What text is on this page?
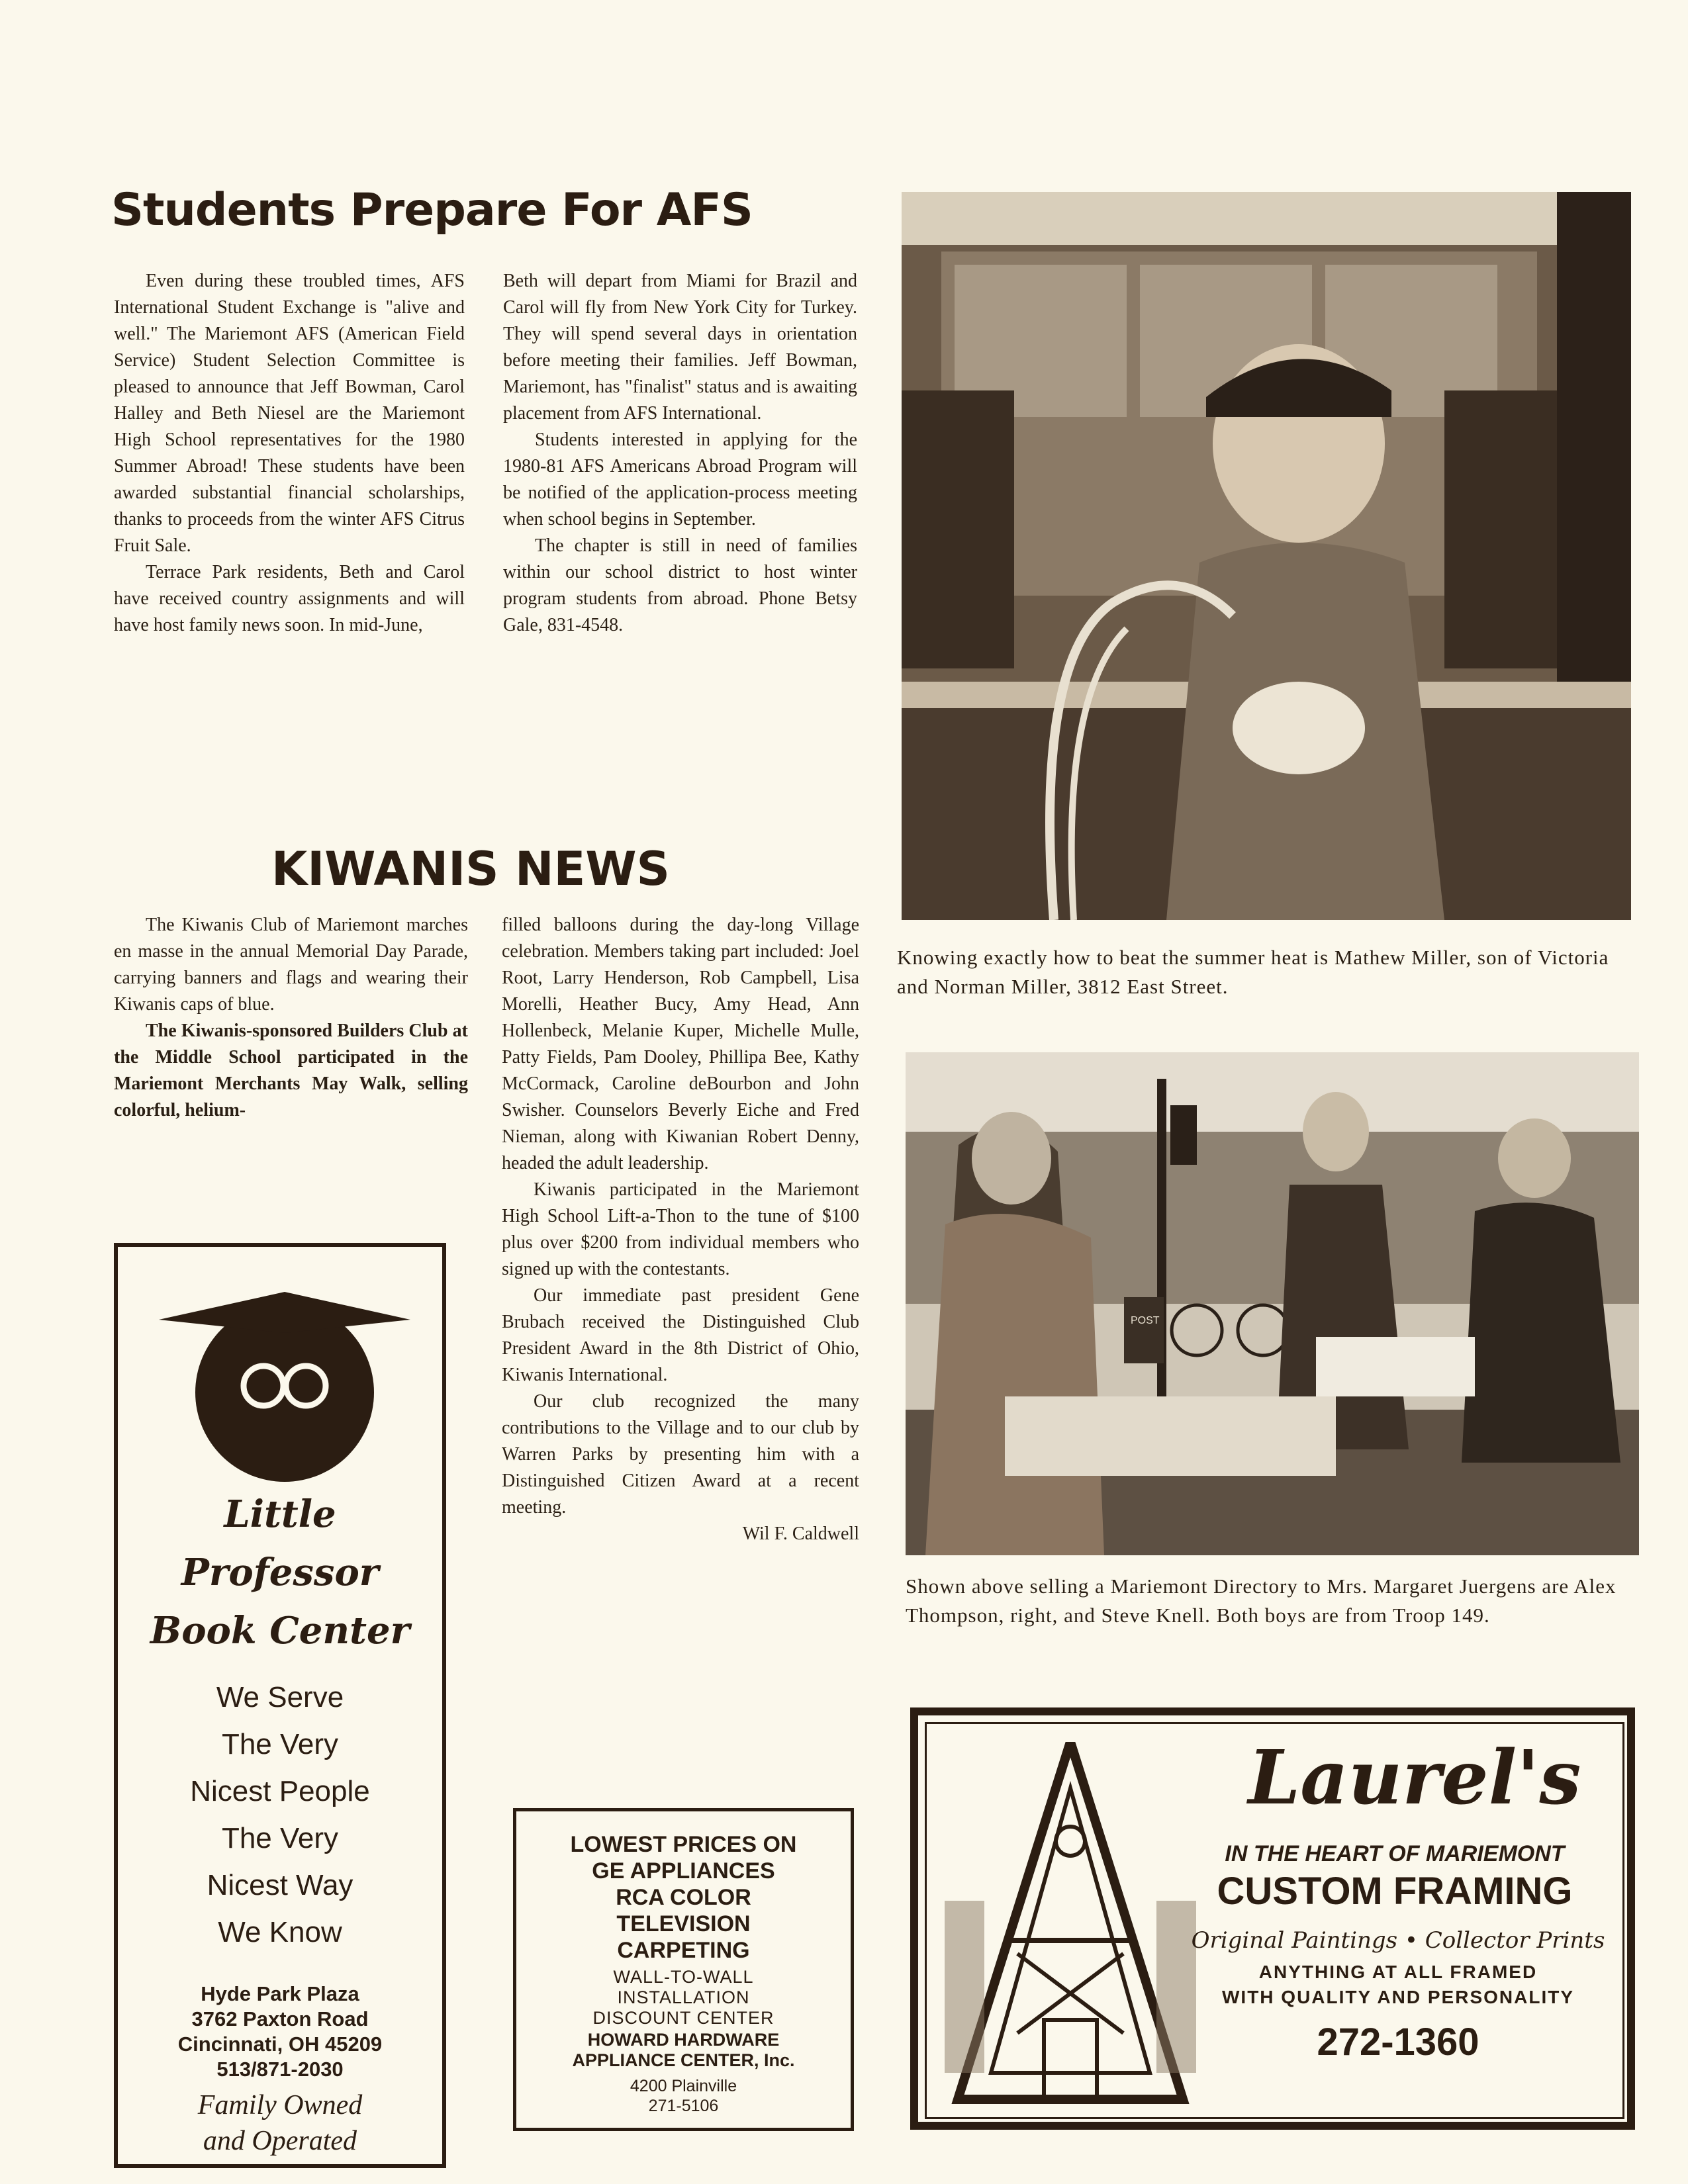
Students Prepare For AFS

Even during these troubled times, AFS International Student Exchange is "alive and well." The Mariemont AFS (American Field Service) Student Selection Committee is pleased to announce that Jeff Bowman, Carol Halley and Beth Niesel are the Mariemont High School representatives for the 1980 Summer Abroad! These students have been awarded substantial financial scholarships, thanks to proceeds from the winter AFS Citrus Fruit Sale.

Terrace Park residents, Beth and Carol have received country assignments and will have host family news soon. In mid-June,

Beth will depart from Miami for Brazil and Carol will fly from New York City for Turkey. They will spend several days in orientation before meeting their families. Jeff Bowman, Mariemont, has "finalist" status and is awaiting placement from AFS International.

Students interested in applying for the 1980-81 AFS Americans Abroad Program will be notified of the application-process meeting when school begins in September.

The chapter is still in need of families within our school district to host winter program students from abroad. Phone Betsy Gale, 831-4548.

KIWANIS NEWS

The Kiwanis Club of Mariemont marches en masse in the annual Memorial Day Parade, carrying banners and flags and wearing their Kiwanis caps of blue.

The Kiwanis-sponsored Builders Club at the Middle School participated in the Mariemont Merchants May Walk, selling colorful, helium-

filled balloons during the day-long Village celebration. Members taking part included: Joel Root, Larry Henderson, Rob Campbell, Lisa Morelli, Heather Bucy, Amy Head, Ann Hollenbeck, Melanie Kuper, Michelle Mulle, Patty Fields, Pam Dooley, Phillipa Bee, Kathy McCormack, Caroline deBourbon and John Swisher. Counselors Beverly Eiche and Fred Nieman, along with Kiwanian Robert Denny, headed the adult leadership.

Kiwanis participated in the Mariemont High School Lift-a-Thon to the tune of $100 plus over $200 from individual members who signed up with the contestants.

Our immediate past president Gene Brubach received the Distinguished Club President Award in the 8th District of Ohio, Kiwanis International.

Our club recognized the many contributions to the Village and to our club by Warren Parks by presenting him with a Distinguished Citizen Award at a recent meeting.

Wil F. Caldwell

Knowing exactly how to beat the summer heat is Mathew Miller, son of Victoria and Norman Miller, 3812 East Street.
POST
Shown above selling a Mariemont Directory to Mrs. Margaret Juergens are Alex Thompson, right, and Steve Knell. Both boys are from Troop 149.
Little
Professor
Book Center
We Serve
The Very
Nicest People
The Very
Nicest Way
We Know
Hyde Park Plaza
3762 Paxton Road
Cincinnati, OH 45209
513/871-2030
Family Owned
and Operated
LOWEST PRICES ON
GE APPLIANCES
RCA COLOR
TELEVISION
CARPETING
WALL-TO-WALL
INSTALLATION
DISCOUNT CENTER
HOWARD HARDWARE
APPLIANCE CENTER, Inc.
4200 Plainville
271-5106
Laurel's
IN THE HEART OF MARIEMONT
CUSTOM FRAMING
Original Paintings • Collector Prints
ANYTHING AT ALL FRAMED
WITH QUALITY AND PERSONALITY
272-1360
